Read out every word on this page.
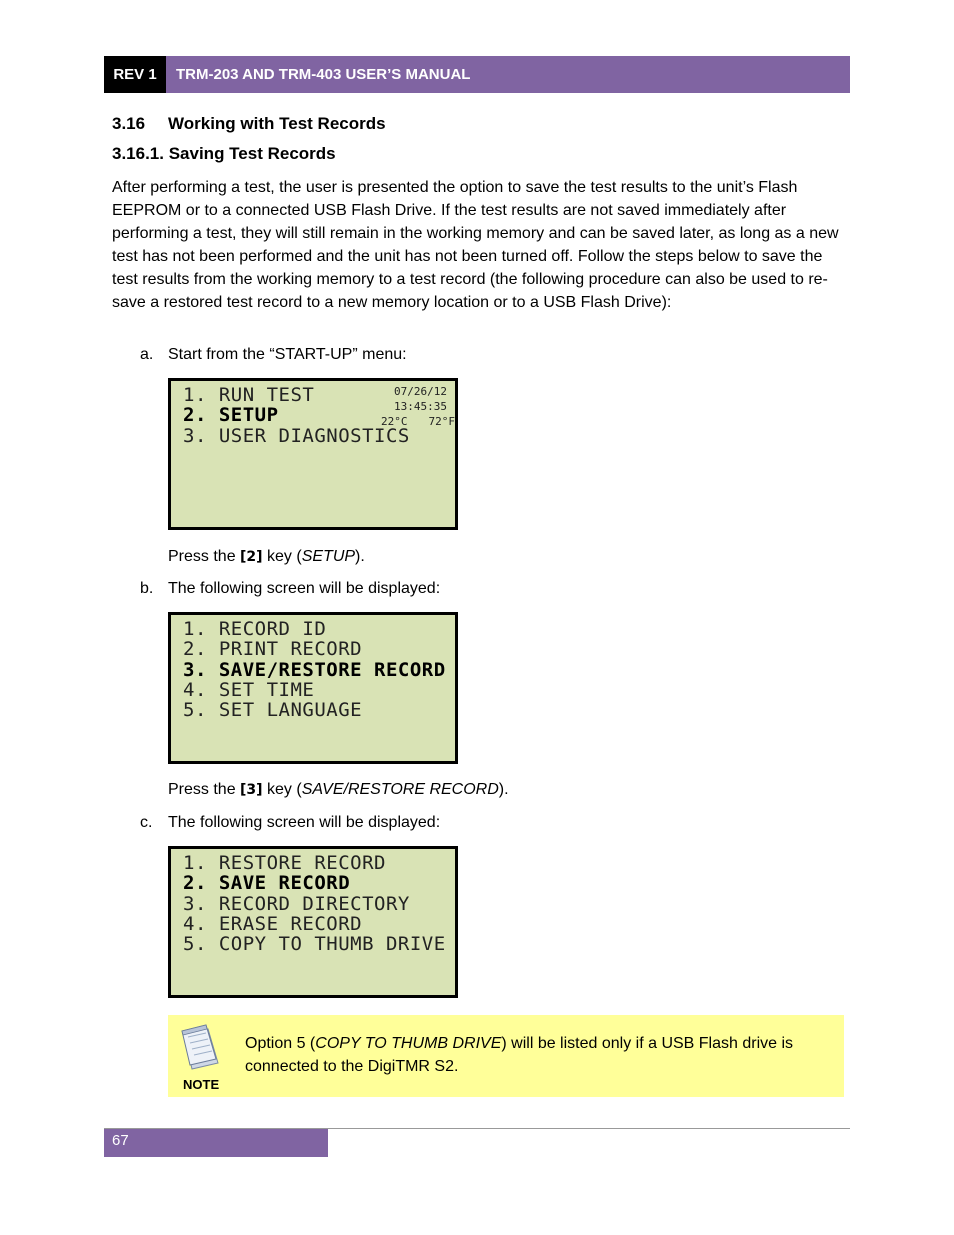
REV 1	TRM-203 AND TRM-403 USER’S MANUAL
3.16 Working with Test Records
3.16.1. Saving Test Records
After performing a test, the user is presented the option to save the test results to the unit’s Flash EEPROM or to a connected USB Flash Drive. If the test results are not saved immediately after performing a test, they will still remain in the working memory and can be saved later, as long as a new test has not been performed and the unit has not been turned off. Follow the steps below to save the test results from the working memory to a test record (the following procedure can also be used to re-save a restored test record to a new memory location or to a USB Flash Drive):
a. Start from the “START-UP” menu:
1. RUN TEST
2. SETUP
3. USER DIAGNOSTICS
07/26/12
13:45:35
22°C 72°F
Press the [2] key (SETUP).
b. The following screen will be displayed:
1. RECORD ID
2. PRINT RECORD
3. SAVE/RESTORE RECORD
4. SET TIME
5. SET LANGUAGE
Press the [3] key (SAVE/RESTORE RECORD).
c. The following screen will be displayed:
1. RESTORE RECORD
2. SAVE RECORD
3. RECORD DIRECTORY
4. ERASE RECORD
5. COPY TO THUMB DRIVE
NOTE
Option 5 (COPY TO THUMB DRIVE) will be listed only if a USB Flash drive is connected to the DigiTMR S2.
67
